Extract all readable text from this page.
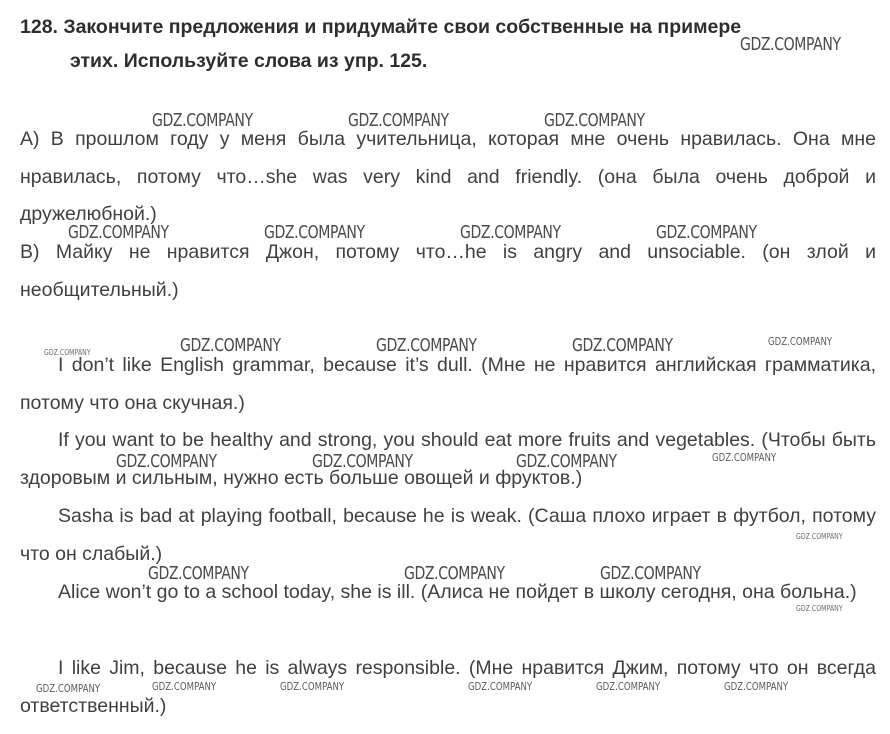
128. Закончите предложения и придумайте свои собственные на примере
этих. Используйте слова из упр. 125.

A) В прошлом году у меня была учительница, которая мне очень нравилась. Она мне нравилась, потому что…she was very kind and friendly. (она была очень доброй и дружелюбной.)

B) Майку не нравится Джон, потому что…he is angry and unsociable. (он злой и необщительный.)

I don’t like English grammar, because it’s dull. (Мне не нравится английская грамматика, потому что она скучная.)

If you want to be healthy and strong, you should eat more fruits and vegetables. (Чтобы быть здоровым и сильным, нужно есть больше овощей и фруктов.)

Sasha is bad at playing football, because he is weak. (Саша плохо играет в футбол, потому что он слабый.)

Alice won’t go to a school today, she is ill. (Алиса не пойдет в школу сегодня, она больна.)

I like Jim, because he is always responsible. (Мне нравится Джим, потому что он всегда ответственный.)

GDZ.COMPANY
GDZ.COMPANY	GDZ.COMPANY	GDZ.COMPANY
GDZ.COMPANY	GDZ.COMPANY	GDZ.COMPANY	GDZ.COMPANY
GDZ.COMPANY	GDZ.COMPANY	GDZ.COMPANY	GDZ.COMPANY	GDZ.COMPANY
GDZ.COMPANY	GDZ.COMPANY	GDZ.COMPANY	GDZ.COMPANY
GDZ.COMPANY
GDZ.COMPANY	GDZ.COMPANY	GDZ.COMPANY
GDZ.COMPANY
GDZ.COMPANY	GDZ.COMPANY	GDZ.COMPANY	GDZ.COMPANY	GDZ.COMPANY	GDZ.COMPANY
